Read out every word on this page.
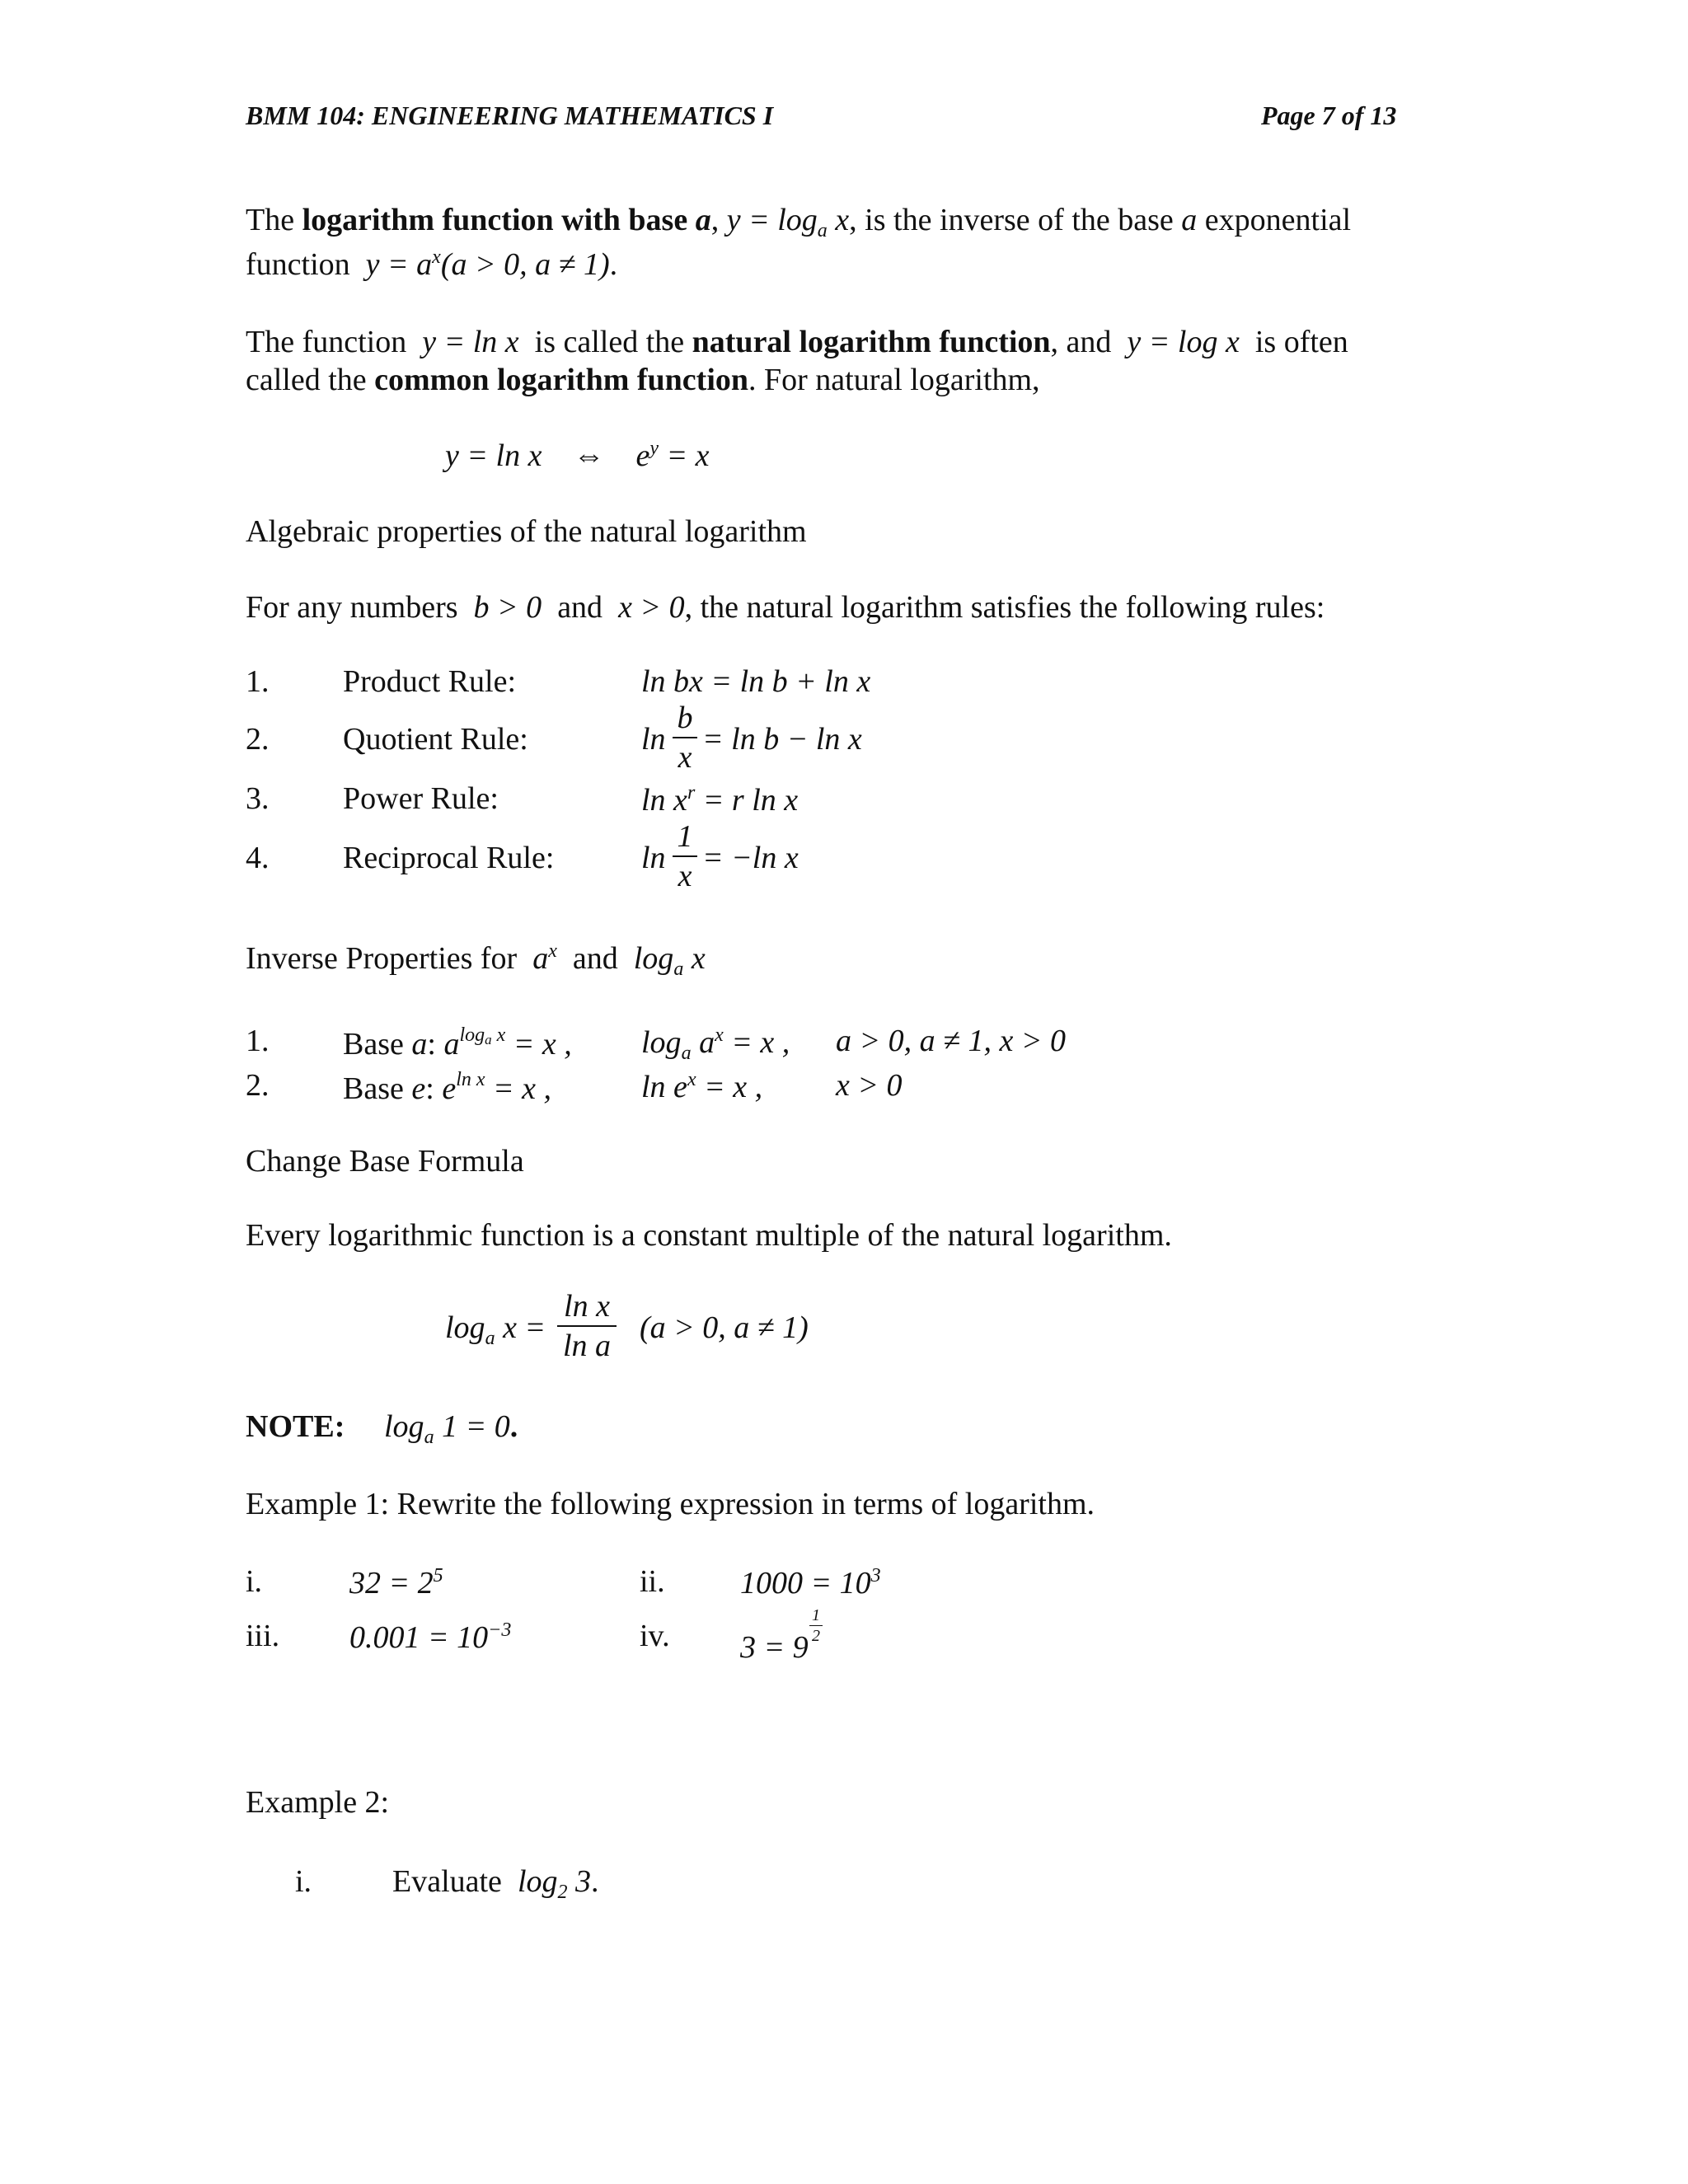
BMM 104: ENGINEERING MATHEMATICS I	Page 7 of 13
The logarithm function with base a, $y = \log_a x$, is the inverse of the base a exponential
function $y = a^x(a > 0$, a ≠ 1).
The function y = ln x is called the natural logarithm function, and y = log x is often
called the common logarithm function. For natural logarithm,
y = ln x ⇔ $e^y = x$
Algebraic properties of the natural logarithm
For any numbers b > 0 and x > 0, the natural logarithm satisfies the following rules:
1. Product Rule:	ln bx = ln b + ln x
2. Quotient Rule:	ln
b
x
= ln b − ln x
3. Power Rule:	$\ln x^r = r$ ln x
4. Reciprocal Rule:	ln
1
x
= −ln x
Inverse Properties for $a^x$ and $\log_a x$
1. Base a: $a^{loga x} = x$ , $\log_a a^x = x$ , a > 0, a ≠ 1, x > 0
2. Base e: $e^{ln x} = x$ ,	$\ln e^x = x$ , x > 0
Change Base Formula
Every logarithmic function is a constant multiple of the natural logarithm.
$\log_a x$ =
ln x
ln a
(a > 0, a ≠ 1)
NOTE: $\log_a 1 = 0$.
Example 1: Rewrite the following expression in terms of logarithm.
i.	$32 = 2^5$	ii. $1000 = 10^3$
iii. $0.001 = 10^{-3}$	iv. 3 = 9
1
2
Example 2:
i.	Evaluate $\log_2 3$.
